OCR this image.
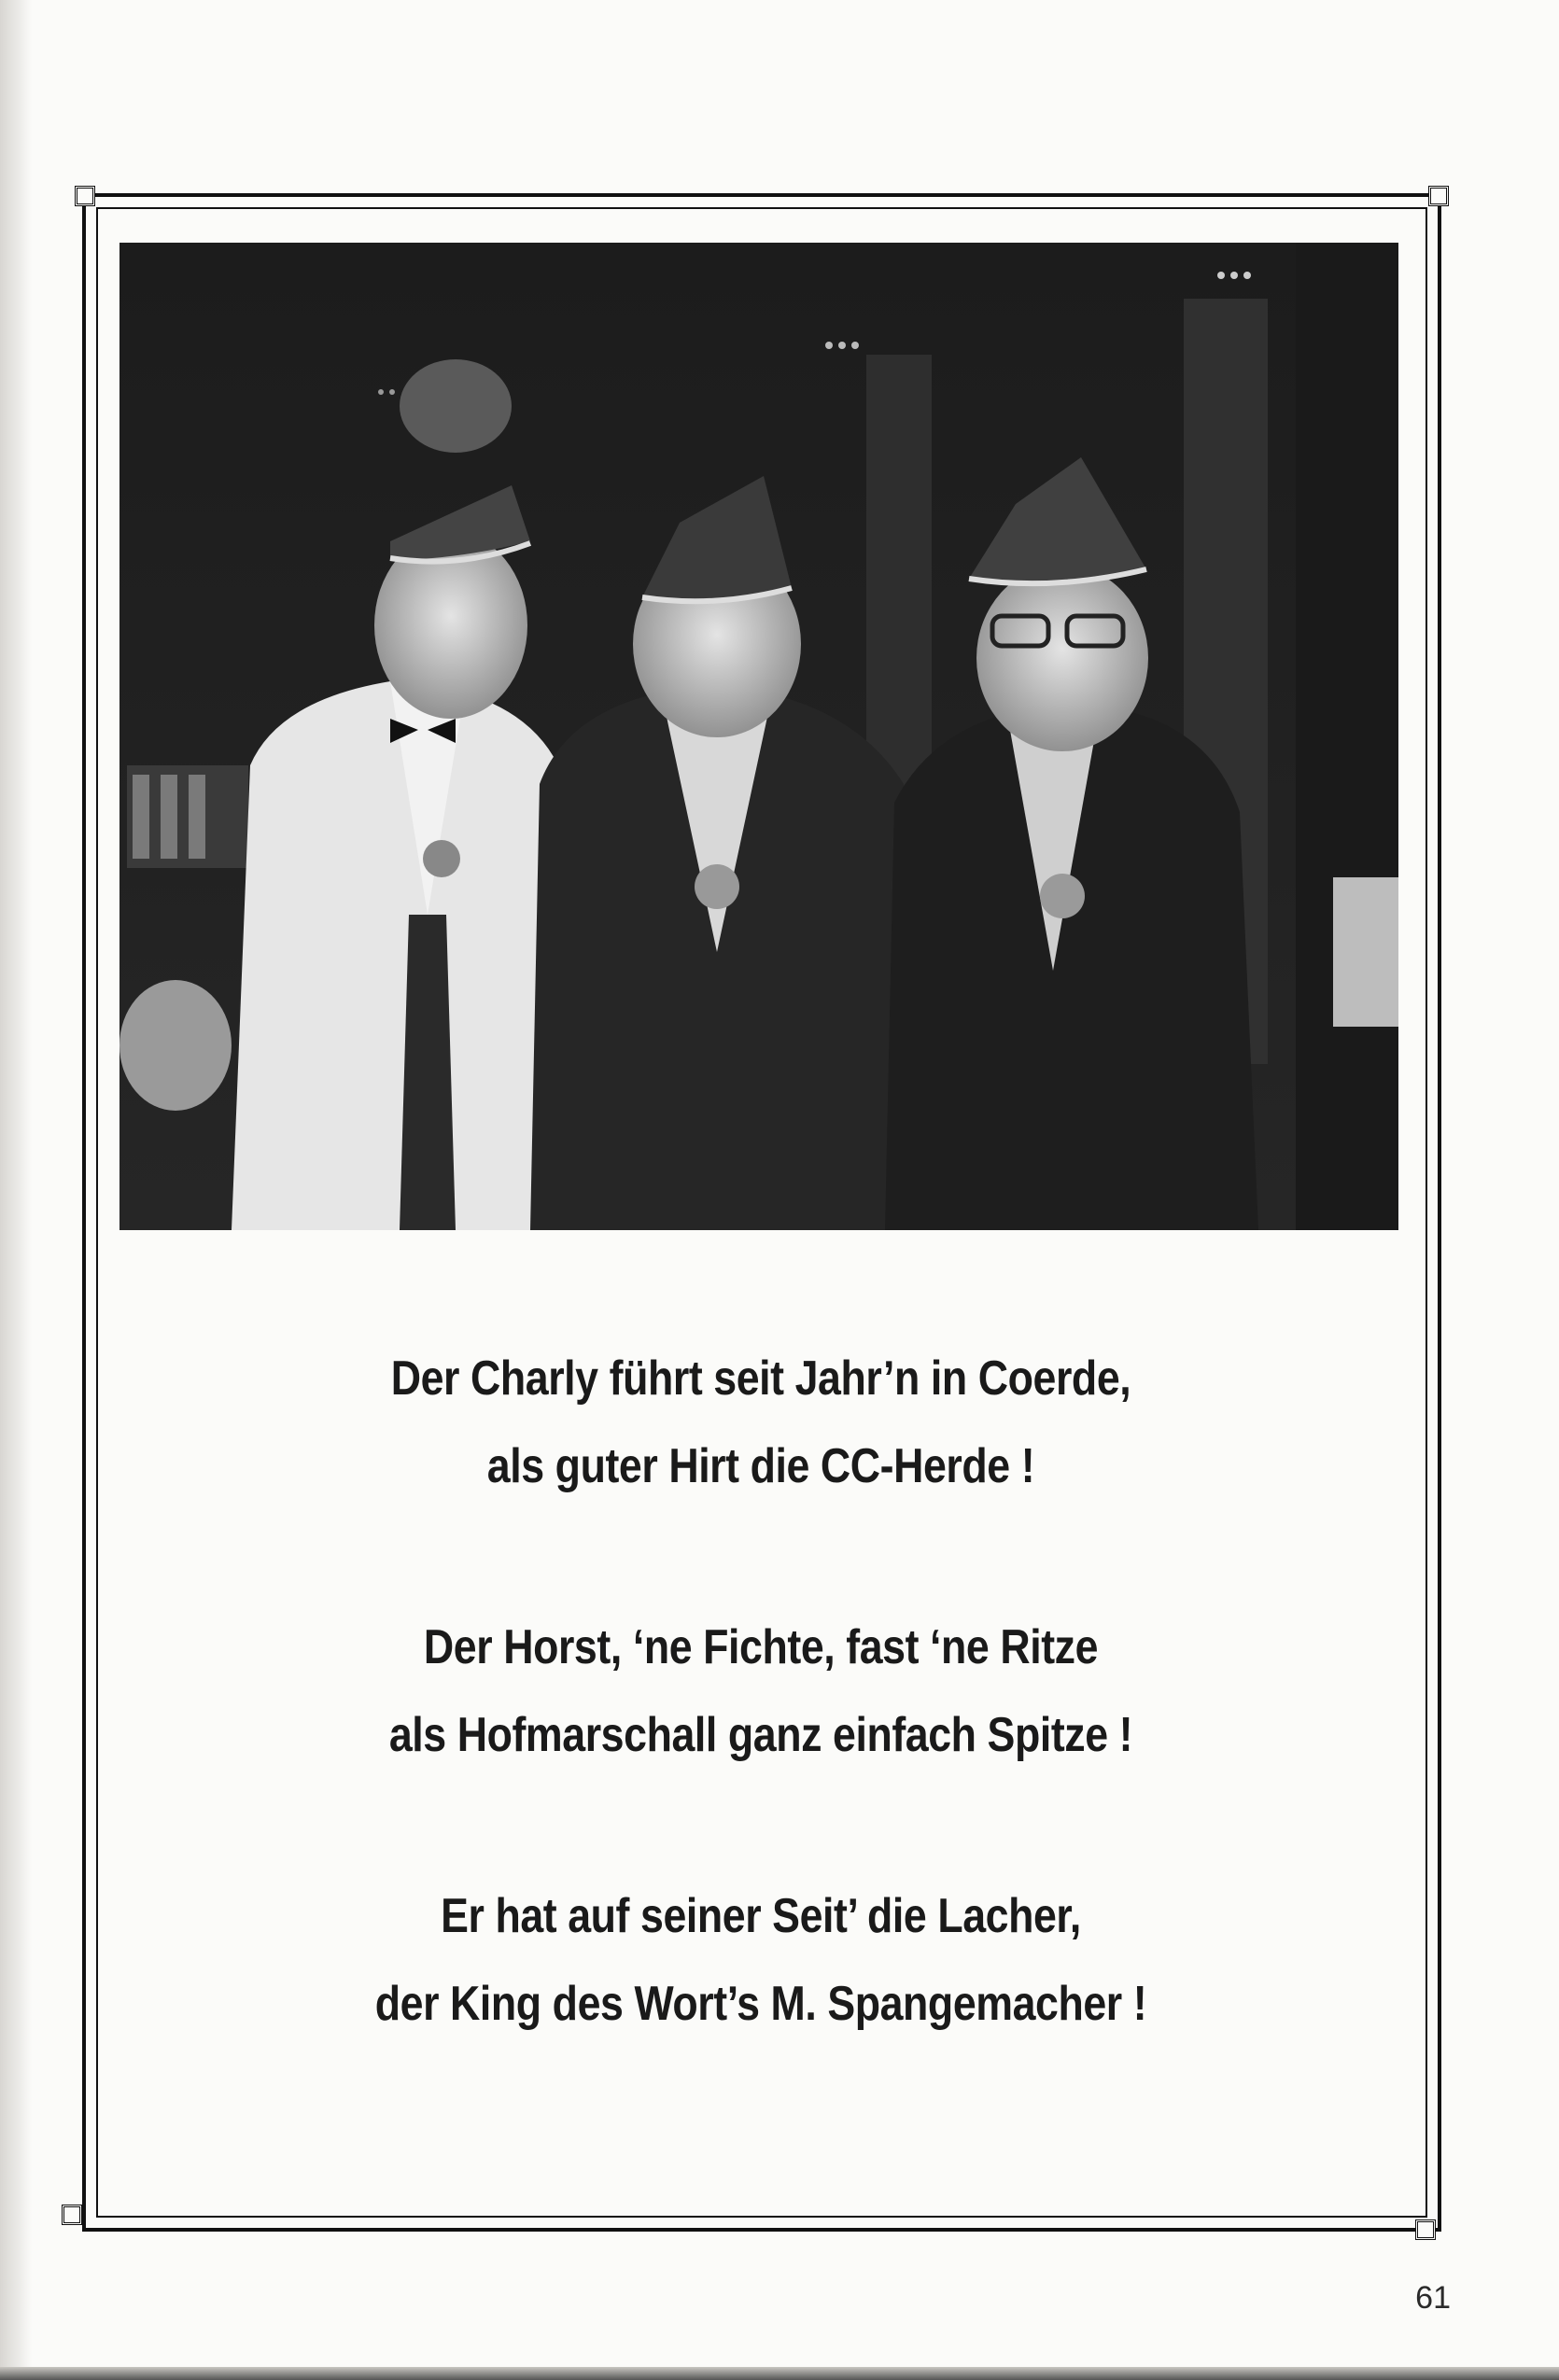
Der Charly führt seit Jahr’n in Coerde,

als guter Hirt die CC-Herde !

Der Horst, ‘ne Fichte, fast ‘ne Ritze

als Hofmarschall ganz einfach Spitze !

Er hat auf seiner Seit’ die Lacher,

der King des Wort’s M. Spangemacher !

61
